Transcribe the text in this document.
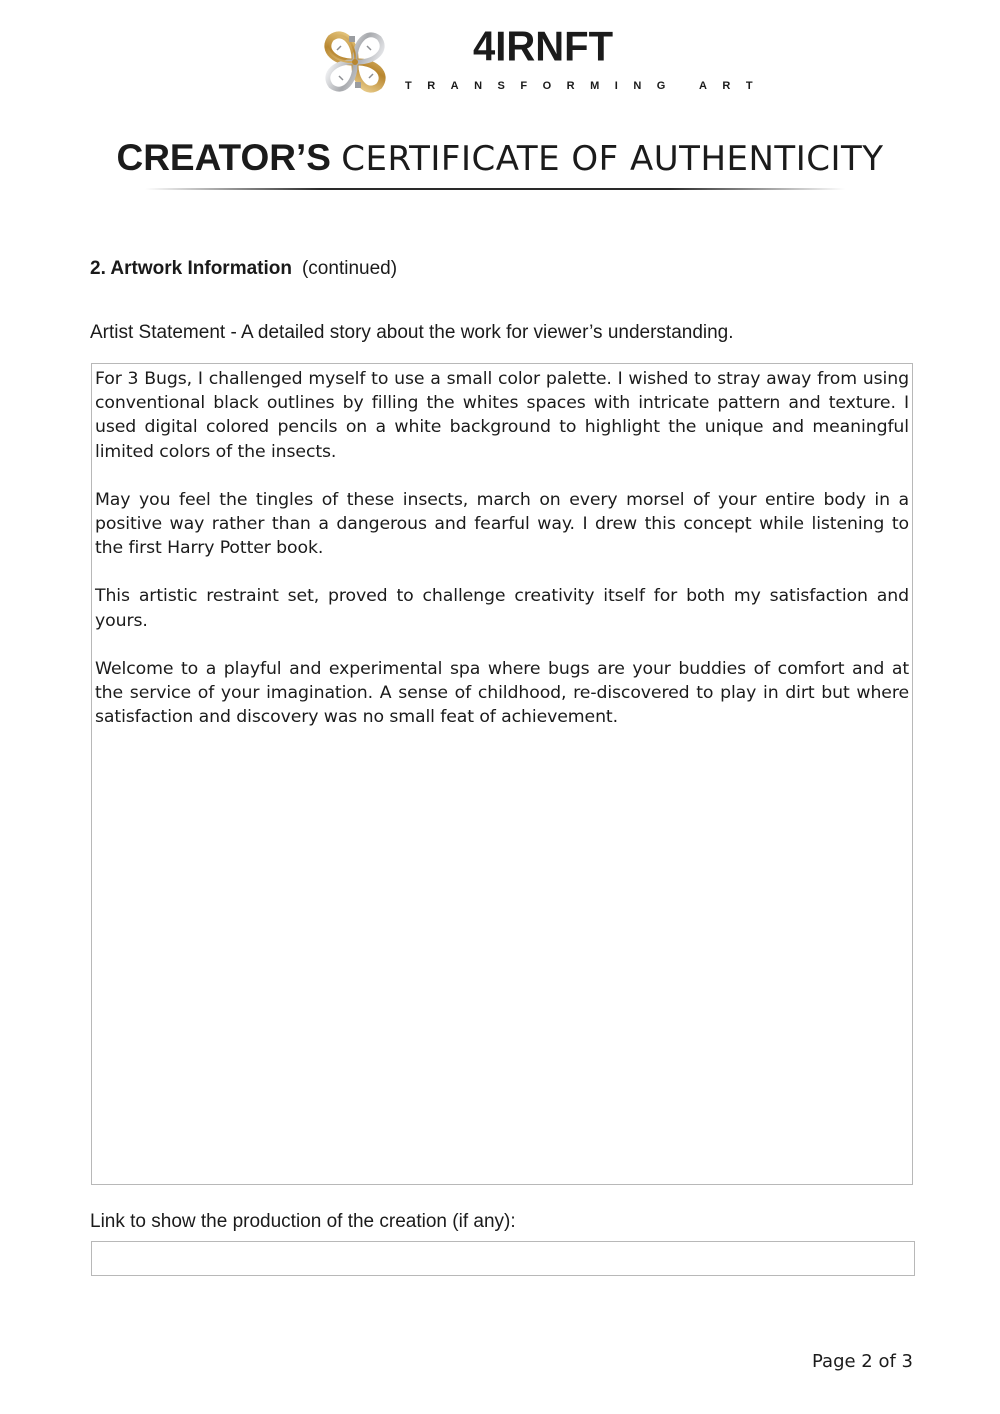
4IRNFT
TRANSFORMING ART
CREATOR’S CERTIFICATE OF AUTHENTICITY
2. Artwork Information (continued)
Artist Statement - A detailed story about the work for viewer’s understanding.

For 3 Bugs, I challenged myself to use a small color palette. I wished to stray away from using conventional black outlines by filling the whites spaces with intricate pattern and texture. I used digital colored pencils on a white background to highlight the unique and meaningful limited colors of the insects.

May you feel the tingles of these insects, march on every morsel of your entire body in a positive way rather than a dangerous and fearful way. I drew this concept while listening to the first Harry Potter book.

This artistic restraint set, proved to challenge creativity itself for both my satisfaction and yours.

Welcome to a playful and experimental spa where bugs are your buddies of comfort and at the service of your imagination. A sense of childhood, re-discovered to play in dirt but where satisfaction and discovery was no small feat of achievement.

Link to show the production of the creation (if any):
Page 2 of 3
